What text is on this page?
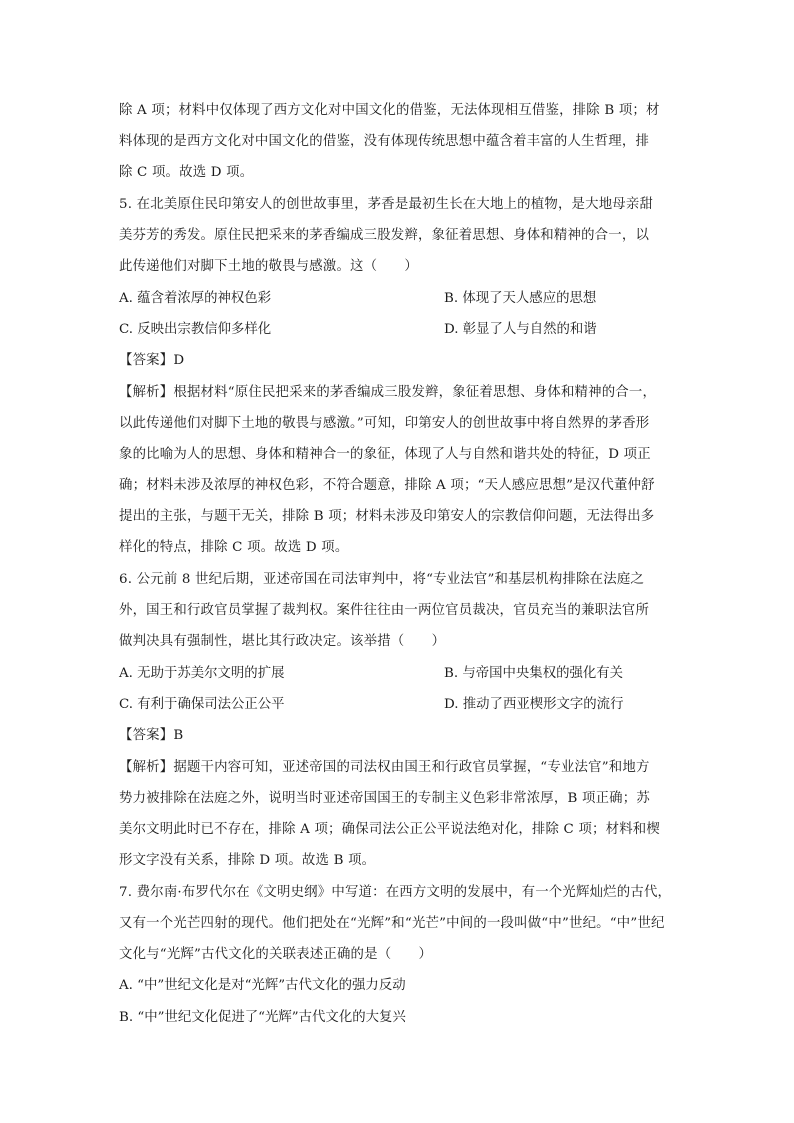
除 A 项；材料中仅体现了西方文化对中国文化的借鉴，无法体现相互借鉴，排除 B 项；材
料体现的是西方文化对中国文化的借鉴，没有体现传统思想中蕴含着丰富的人生哲理，排
除 C 项。故选 D 项。
5. 在北美原住民印第安人的创世故事里，茅香是最初生长在大地上的植物，是大地母亲甜
美芬芳的秀发。原住民把采来的茅香编成三股发辫，象征着思想、身体和精神的合一，以
此传递他们对脚下土地的敬畏与感激。这（　　）
A. 蕴含着浓厚的神权色彩	B. 体现了天人感应的思想
C. 反映出宗教信仰多样化	D. 彰显了人与自然的和谐
【答案】D
【解析】根据材料“原住民把采来的茅香编成三股发辫，象征着思想、身体和精神的合一，
以此传递他们对脚下土地的敬畏与感激。”可知，印第安人的创世故事中将自然界的茅香形
象的比喻为人的思想、身体和精神合一的象征，体现了人与自然和谐共处的特征，D 项正
确；材料未涉及浓厚的神权色彩，不符合题意，排除 A 项；“天人感应思想”是汉代董仲舒
提出的主张，与题干无关，排除 B 项；材料未涉及印第安人的宗教信仰问题，无法得出多
样化的特点，排除 C 项。故选 D 项。
6. 公元前 8 世纪后期，亚述帝国在司法审判中，将“专业法官”和基层机构排除在法庭之
外，国王和行政官员掌握了裁判权。案件往往由一两位官员裁决，官员充当的兼职法官所
做判决具有强制性，堪比其行政决定。该举措（　　）
A. 无助于苏美尔文明的扩展	B. 与帝国中央集权的强化有关
C. 有利于确保司法公正公平	D. 推动了西亚楔形文字的流行
【答案】B
【解析】据题干内容可知，亚述帝国的司法权由国王和行政官员掌握，“专业法官”和地方
势力被排除在法庭之外，说明当时亚述帝国国王的专制主义色彩非常浓厚，B 项正确；苏
美尔文明此时已不存在，排除 A 项；确保司法公正公平说法绝对化，排除 C 项；材料和楔
形文字没有关系，排除 D 项。故选 B 项。
7. 费尔南·布罗代尔在《文明史纲》中写道：在西方文明的发展中，有一个光辉灿烂的古代，
又有一个光芒四射的现代。他们把处在“光辉”和“光芒”中间的一段叫做“中”世纪。“中”世纪
文化与“光辉”古代文化的关联表述正确的是（　　）
A. “中”世纪文化是对“光辉”古代文化的强力反动
B. “中”世纪文化促进了“光辉”古代文化的大复兴
